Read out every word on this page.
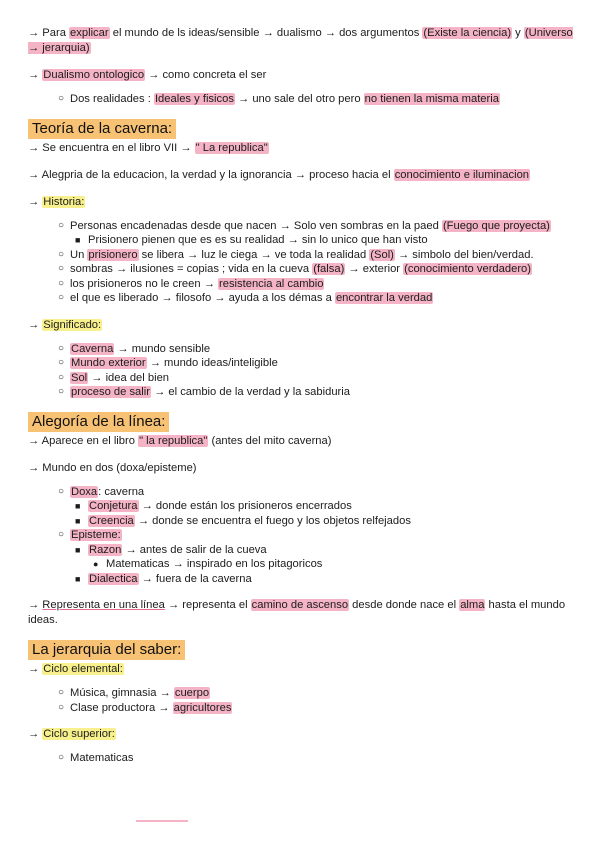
→ Para explicar el mundo de ls ideas/sensible → dualismo → dos argumentos (Existe la ciencia) y (Universo → jerarquia)
→ Dualismo ontologico → como concreta el ser
○ Dos realidades : Ideales y fisicos → uno sale del otro pero no tienen la misma materia
Teoría de la caverna:
→ Se encuentra en el libro VII → " La republica"
→ Alegpria de la educacion, la verdad y la ignorancia → proceso hacia el conocimiento e iluminacion
→ Historia:
○ Personas encadenadas desde que nacen → Solo ven sombras en la paed (Fuego que proyecta)
■ Prisionero pienen que es es su realidad → sin lo unico que han visto
○ Un prisionero se libera → luz le ciega → ve toda la realidad (Sol) → simbolo del bien/verdad.
○ sombras → ilusiones = copias ; vida en la cueva (falsa) → exterior (conocimiento verdadero)
○ los prisioneros no le creen → resistencia al cambio
○ el que es liberado → filosofo → ayuda a los démas a encontrar la verdad
→ Significado:
○ Caverna → mundo sensible
○ Mundo exterior → mundo ideas/inteligible
○ Sol → idea del bien
○ proceso de salir → el cambio de la verdad y la sabiduria
Alegoría de la línea:
→ Aparece en el libro " la republica" (antes del mito caverna)
→ Mundo en dos (doxa/episteme)
○ Doxa: caverna
■ Conjetura → donde están los prisioneros encerrados
■ Creencia → donde se encuentra el fuego y los objetos relfejados
○ Episteme:
■ Razon → antes de salir de la cueva
● Matematicas → inspirado en los pitagoricos
■ Dialectica → fuera de la caverna
→ Representa en una línea → representa el camino de ascenso desde donde nace el alma hasta el mundo ideas.
La jerarquia del saber:
→ Ciclo elemental:
○ Música, gimnasia → cuerpo
○ Clase productora → agricultores
→ Ciclo superior:
○ Matematicas
